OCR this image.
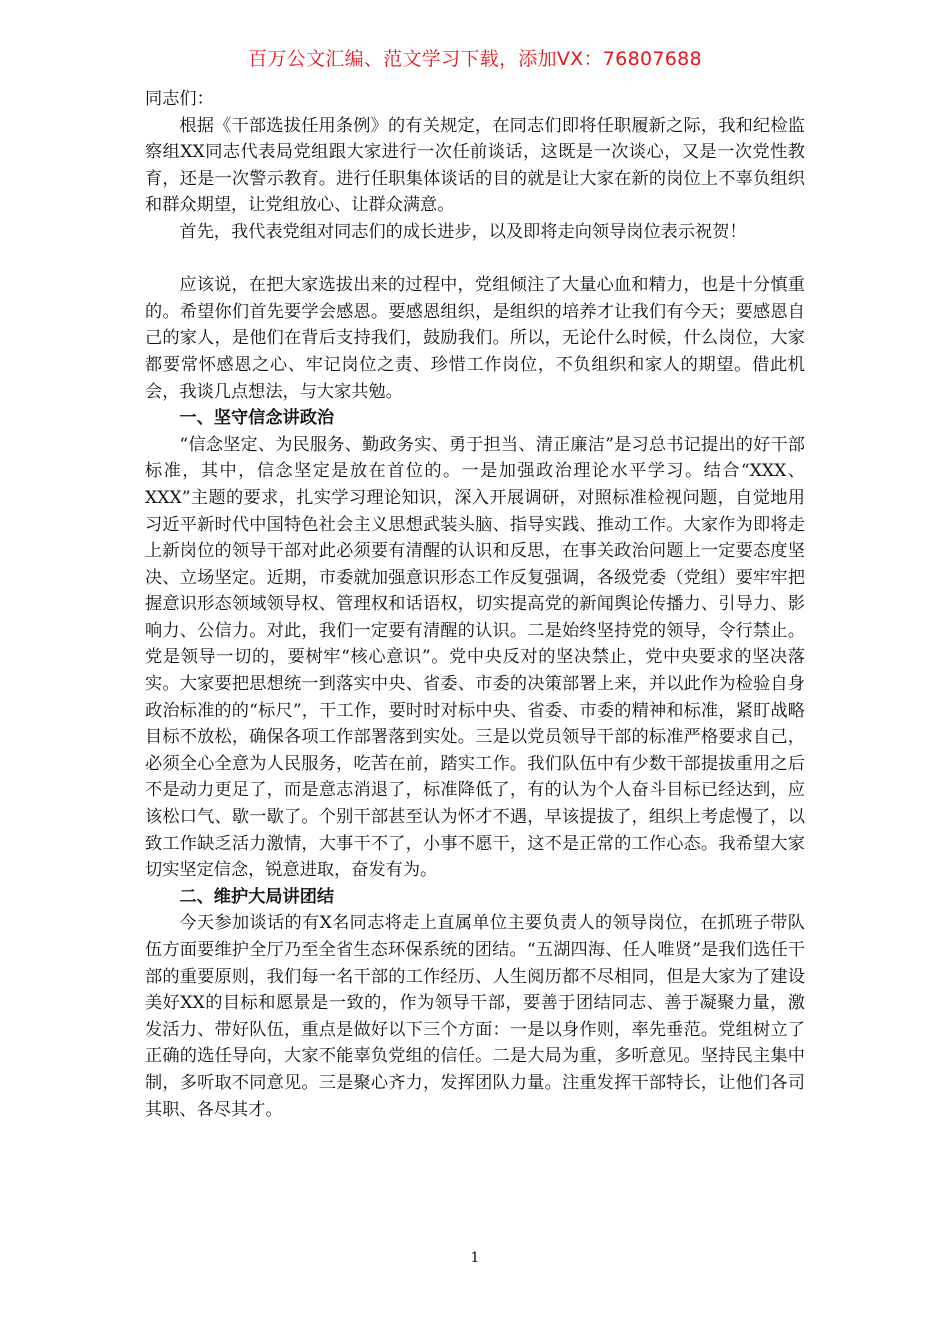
百万公文汇编、范文学习下载，添加VX：76807688

同志们：

根据《干部选拔任用条例》的有关规定，在同志们即将任职履新之际，我和纪检监察组XX同志代表局党组跟大家进行一次任前谈话，这既是一次谈心，又是一次党性教育，还是一次警示教育。进行任职集体谈话的目的就是让大家在新的岗位上不辜负组织和群众期望，让党组放心、让群众满意。

首先，我代表党组对同志们的成长进步，以及即将走向领导岗位表示祝贺！

应该说，在把大家选拔出来的过程中，党组倾注了大量心血和精力，也是十分慎重的。希望你们首先要学会感恩。要感恩组织，是组织的培养才让我们有今天；要感恩自己的家人，是他们在背后支持我们，鼓励我们。所以，无论什么时候，什么岗位，大家都要常怀感恩之心、牢记岗位之责、珍惜工作岗位，不负组织和家人的期望。借此机会，我谈几点想法，与大家共勉。

一、坚守信念讲政治

“信念坚定、为民服务、勤政务实、勇于担当、清正廉洁”是习总书记提出的好干部标准，其中，信念坚定是放在首位的。一是加强政治理论水平学习。结合“XXX、XXX”主题的要求，扎实学习理论知识，深入开展调研，对照标准检视问题，自觉地用习近平新时代中国特色社会主义思想武装头脑、指导实践、推动工作。大家作为即将走上新岗位的领导干部对此必须要有清醒的认识和反思，在事关政治问题上一定要态度坚决、立场坚定。近期，市委就加强意识形态工作反复强调，各级党委（党组）要牢牢把握意识形态领域领导权、管理权和话语权，切实提高党的新闻舆论传播力、引导力、影响力、公信力。对此，我们一定要有清醒的认识。二是始终坚持党的领导，令行禁止。党是领导一切的，要树牢“核心意识”。党中央反对的坚决禁止，党中央要求的坚决落实。大家要把思想统一到落实中央、省委、市委的决策部署上来，并以此作为检验自身政治标准的的“标尺”，干工作，要时时对标中央、省委、市委的精神和标准，紧盯战略目标不放松，确保各项工作部署落到实处。三是以党员领导干部的标准严格要求自己，必须全心全意为人民服务，吃苦在前，踏实工作。我们队伍中有少数干部提拔重用之后不是动力更足了，而是意志消退了，标准降低了，有的认为个人奋斗目标已经达到，应该松口气、歇一歇了。个别干部甚至认为怀才不遇，早该提拔了，组织上考虑慢了，以致工作缺乏活力激情，大事干不了，小事不愿干，这不是正常的工作心态。我希望大家切实坚定信念，锐意进取，奋发有为。

二、维护大局讲团结

今天参加谈话的有X名同志将走上直属单位主要负责人的领导岗位，在抓班子带队伍方面要维护全厅乃至全省生态环保系统的团结。“五湖四海、任人唯贤”是我们选任干部的重要原则，我们每一名干部的工作经历、人生阅历都不尽相同，但是大家为了建设美好XX的目标和愿景是一致的，作为领导干部，要善于团结同志、善于凝聚力量，激发活力、带好队伍，重点是做好以下三个方面：一是以身作则，率先垂范。党组树立了正确的选任导向，大家不能辜负党组的信任。二是大局为重，多听意见。坚持民主集中制，多听取不同意见。三是聚心齐力，发挥团队力量。注重发挥干部特长，让他们各司其职、各尽其才。

1
